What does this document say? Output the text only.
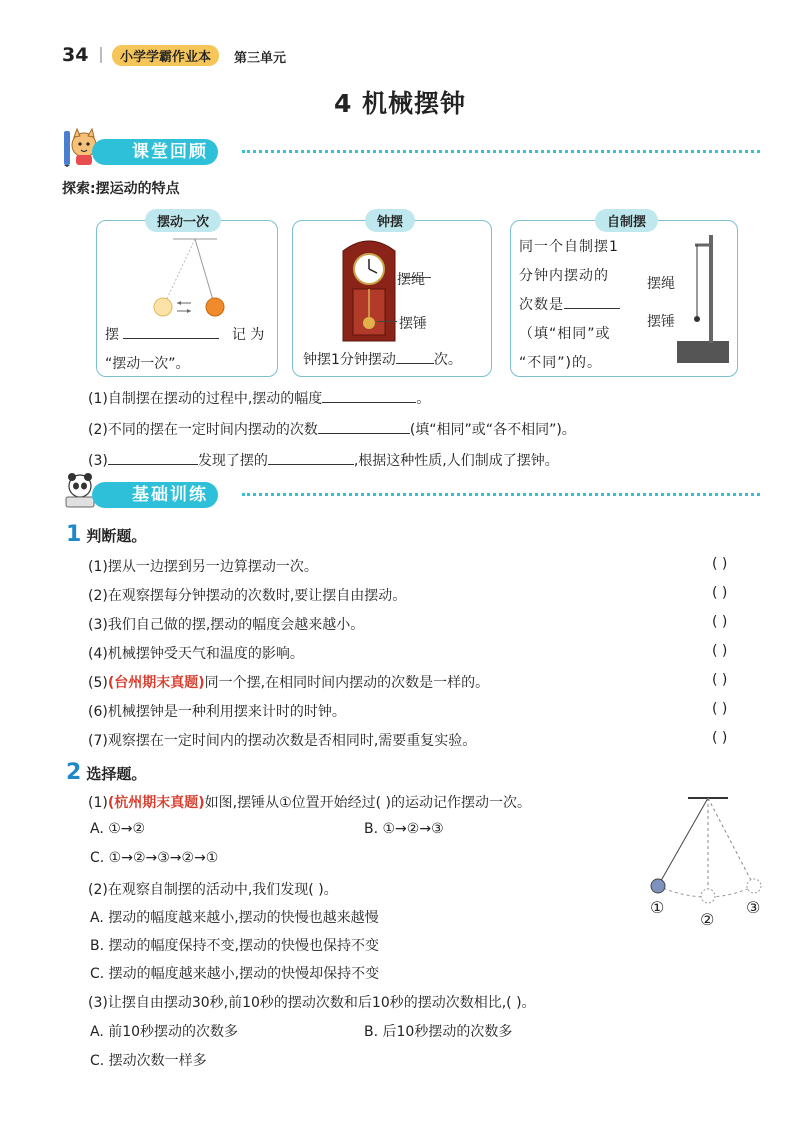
34	小学学霸作业本	第三单元
4 机械摆钟
课堂回顾
探索:摆运动的特点
摆动一次
摆	记 为
“摆动一次”。
钟摆
摆绳
摆锤
钟摆1分钟摆动	次。
自制摆
同一个自制摆1
分钟内摆动的
次数是
（填“相同”或
“不同”)的。
摆绳
摆锤
(1)自制摆在摆动的过程中,摆动的幅度	。
(2)不同的摆在一定时间内摆动的次数	(填“相同”或“各不相同”)。
(3)	发现了摆的	,根据这种性质,人们制成了摆钟。
基础训练
1 判断题。
(1)摆从一边摆到另一边算摆动一次。	( )
(2)在观察摆每分钟摆动的次数时,要让摆自由摆动。	( )
(3)我们自己做的摆,摆动的幅度会越来越小。	( )
(4)机械摆钟受天气和温度的影响。	( )
(5)(台州期末真题)同一个摆,在相同时间内摆动的次数是一样的。	( )
(6)机械摆钟是一种利用摆来计时的时钟。	( )
(7)观察摆在一定时间内的摆动次数是否相同时,需要重复实验。	( )
2 选择题。
(1)(杭州期末真题)如图,摆锤从①位置开始经过( )的运动记作摆动一次。
A. ①→②	B. ①→②→③
C. ①→②→③→②→①
(2)在观察自制摆的活动中,我们发现( )。
A. 摆动的幅度越来越小,摆动的快慢也越来越慢
B. 摆动的幅度保持不变,摆动的快慢也保持不变
C. 摆动的幅度越来越小,摆动的快慢却保持不变
(3)让摆自由摆动30秒,前10秒的摆动次数和后10秒的摆动次数相比,( )。
A. 前10秒摆动的次数多	B. 后10秒摆动的次数多
C. 摆动次数一样多
①
②
③
